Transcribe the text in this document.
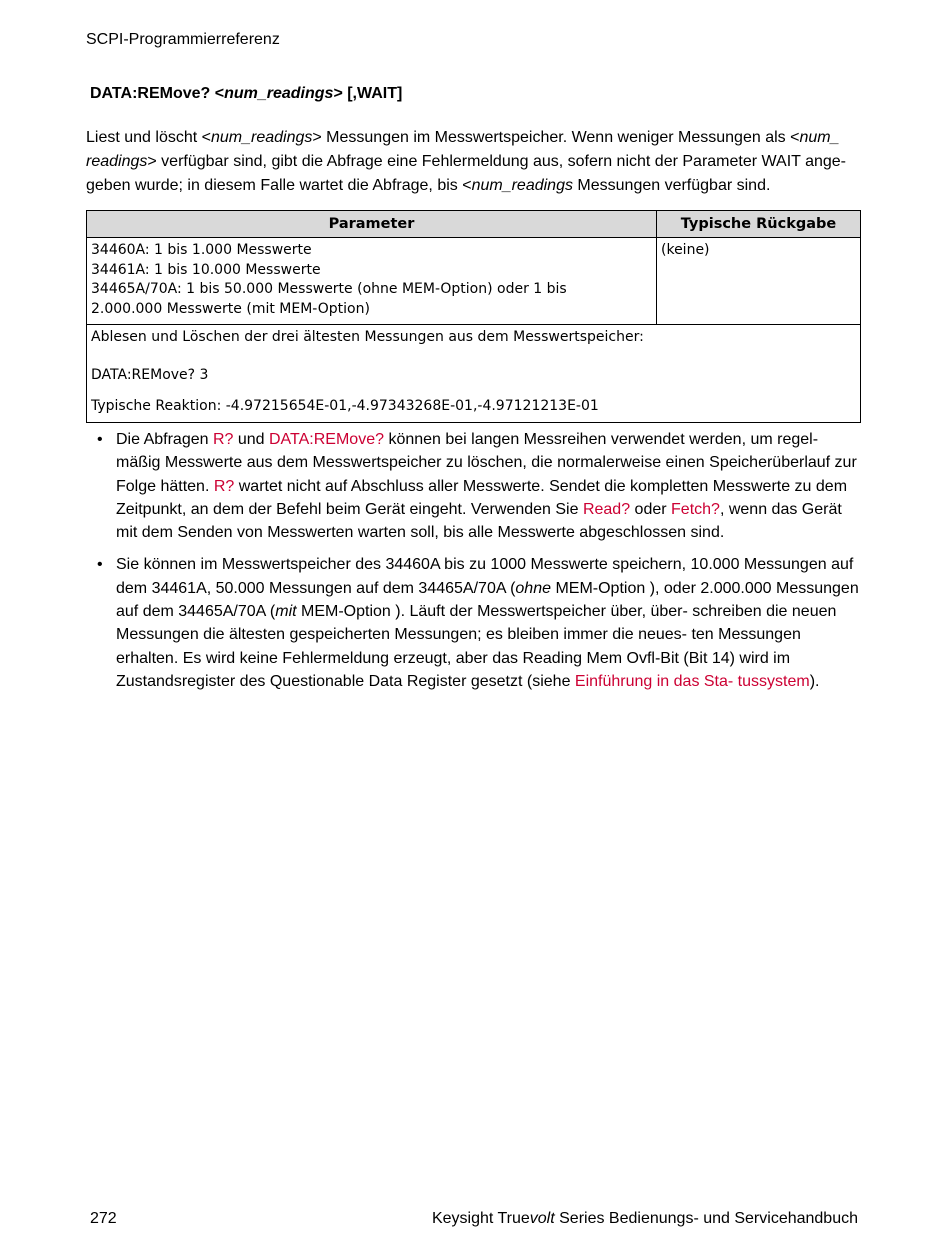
SCPI-Programmierreferenz
DATA:REMove? <num_readings> [,WAIT]
Liest und löscht <num_readings> Messungen im Messwertspeicher. Wenn weniger Messungen als <num_ readings> verfügbar sind, gibt die Abfrage eine Fehlermeldung aus, sofern nicht der Parameter WAIT ange- geben wurde; in diesem Falle wartet die Abfrage, bis <num_readings Messungen verfügbar sind.
Parameter	Typische Rückgabe

34460A: 1 bis 1.000 Messwerte
34461A: 1 bis 10.000 Messwerte
34465A/70A: 1 bis 50.000 Messwerte (ohne MEM-Option) oder 1 bis
2.000.000 Messwerte (mit MEM-Option)	(keine)

Ablesen und Löschen der drei ältesten Messungen aus dem Messwertspeicher:
DATA:REMove? 3
Typische Reaktion: -4.97215654E-01,-4.97343268E-01,-4.97121213E-01	
• Die Abfragen R? und DATA:REMove? können bei langen Messreihen verwendet werden, um regel- mäßig Messwerte aus dem Messwertspeicher zu löschen, die normalerweise einen Speicherüberlauf zur Folge hätten. R? wartet nicht auf Abschluss aller Messwerte. Sendet die kompletten Messwerte zu dem Zeitpunkt, an dem der Befehl beim Gerät eingeht. Verwenden Sie Read? oder Fetch?, wenn das Gerät mit dem Senden von Messwerten warten soll, bis alle Messwerte abgeschlossen sind.
• Sie können im Messwertspeicher des 34460A bis zu 1000 Messwerte speichern, 10.000 Messungen auf dem 34461A, 50.000 Messungen auf dem 34465A/70A (ohne MEM-Option ), oder 2.000.000 Messungen auf dem 34465A/70A (mit MEM-Option ). Läuft der Messwertspeicher über, über- schreiben die neuen Messungen die ältesten gespeicherten Messungen; es bleiben immer die neues- ten Messungen erhalten. Es wird keine Fehlermeldung erzeugt, aber das Reading Mem Ovfl-Bit (Bit 14) wird im Zustandsregister des Questionable Data Register gesetzt (siehe Einführung in das Sta- tussystem).
272	Keysight Truevolt Series Bedienungs- und Servicehandbuch
